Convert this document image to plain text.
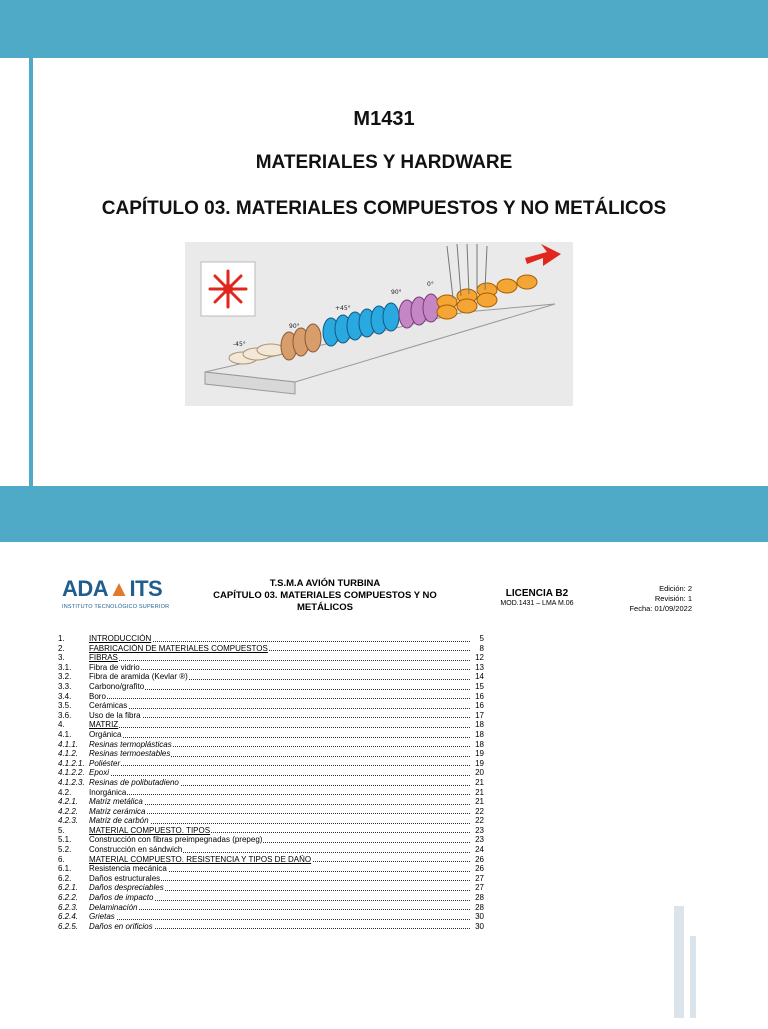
M1431
MATERIALES Y HARDWARE
CAPÍTULO 03. MATERIALES COMPUESTOS Y NO METÁLICOS
-45°
90°
+45°
90°
0°
ADA▲ITS
INSTITUTO TECNOLÓGICO SUPERIOR
T.S.M.A AVIÓN TURBINA
CAPÍTULO 03. MATERIALES COMPUESTOS Y NO
METÁLICOS
LICENCIA B2
MOD.1431 – LMA M.06
Edición: 2
Revisión: 1
Fecha: 01/09/2022
1.	INTRODUCCIÓN	5
2.	FABRICACIÓN DE MATERIALES COMPUESTOS	8
3.	FIBRAS	12
3.1.	Fibra de vidrio	13
3.2.	Fibra de aramida (Kevlar ®)	14
3.3.	Carbono/grafito	15
3.4.	Boro	16
3.5.	Cerámicas	16
3.6.	Uso de la fibra	17
4.	MATRIZ	18
4.1.	Orgánica	18
4.1.1.	Resinas termoplásticas	18
4.1.2.	Resinas termoestables	19
4.1.2.1. Poliéster	19
4.1.2.2. Epoxi	20
4.1.2.3. Resinas de polibutadieno	21
4.2.	Inorgánica	21
4.2.1.	Matriz metálica	21
4.2.2.	Matriz cerámica	22
4.2.3.	Matriz de carbón	22
5.	MATERIAL COMPUESTO. TIPOS	23
5.1.	Construcción con fibras preimpegnadas (prepeg)	23
5.2.	Construcción en sándwich	24
6.	MATERIAL COMPUESTO. RESISTENCIA Y TIPOS DE DAÑO	26
6.1.	Resistencia mecánica	26
6.2.	Daños estructurales	27
6.2.1.	Daños despreciables	27
6.2.2.	Daños de impacto	28
6.2.3.	Delaminación	28
6.2.4.	Grietas	30
6.2.5.	Daños en orificios	30
